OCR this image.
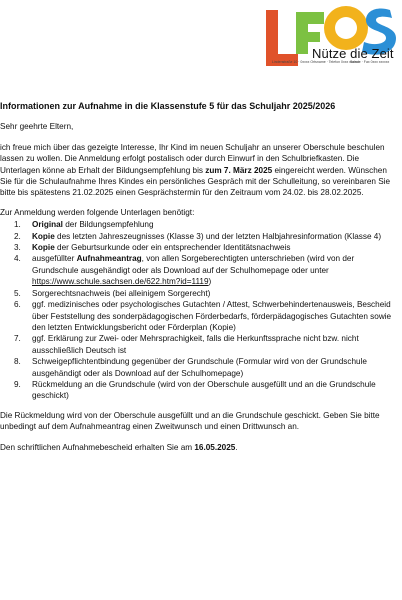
Nütze die Zeit
Lindenstraße 10 · 0xxxx Ortsname · Telefon 0xxx xxxxxx
Schule · Fax 0xxx xxxxxx
Informationen zur Aufnahme in die Klassenstufe 5 für das Schuljahr 2025/2026

Sehr geehrte Eltern,

ich freue mich über das gezeigte Interesse, Ihr Kind im neuen Schuljahr an unserer Oberschule beschulen lassen zu wollen. Die Anmeldung erfolgt postalisch oder durch Einwurf in den Schulbriefkasten. Die Unterlagen könne ab Erhalt der Bildungsempfehlung bis zum 7. März 2025 eingereicht werden. Wünschen Sie für die Schulaufnahme Ihres Kindes ein persönliches Gespräch mit der Schulleitung, so vereinbaren Sie bitte bis spätestens 21.02.2025 einen Gesprächstermin für den Zeitraum vom 24.02. bis 28.02.2025.

Zur Anmeldung werden folgende Unterlagen benötigt:
1. Original der Bildungsempfehlung
2. Kopie des letzten Jahreszeugnisses (Klasse 3) und der letzten Halbjahresinformation (Klasse 4)
3. Kopie der Geburtsurkunde oder ein entsprechender Identitätsnachweis
4. ausgefüllter Aufnahmeantrag, von allen Sorgeberechtigten unterschrieben (wird von der Grundschule ausgehändigt oder als Download auf der Schulhomepage oder unter https://www.schule.sachsen.de/622.htm?id=1119)
5. Sorgerechtsnachweis (bei alleinigem Sorgerecht)
6. ggf. medizinisches oder psychologisches Gutachten / Attest, Schwerbehindertenausweis, Bescheid über Feststellung des sonderpädagogischen Förderbedarfs, förderpädagogisches Gutachten sowie den letzten Entwicklungsbericht oder Förderplan (Kopie)
7. ggf. Erklärung zur Zwei- oder Mehrsprachigkeit, falls die Herkunftssprache nicht bzw. nicht ausschließlich Deutsch ist
8. Schweigepflichtentbindung gegenüber der Grundschule (Formular wird von der Grundschule ausgehändigt oder als Download auf der Schulhomepage)
9. Rückmeldung an die Grundschule (wird von der Oberschule ausgefüllt und an die Grundschule geschickt)

Die Rückmeldung wird von der Oberschule ausgefüllt und an die Grundschule geschickt. Geben Sie bitte unbedingt auf dem Aufnahmeantrag einen Zweitwunsch und einen Drittwunsch an.

Den schriftlichen Aufnahmebescheid erhalten Sie am 16.05.2025.
